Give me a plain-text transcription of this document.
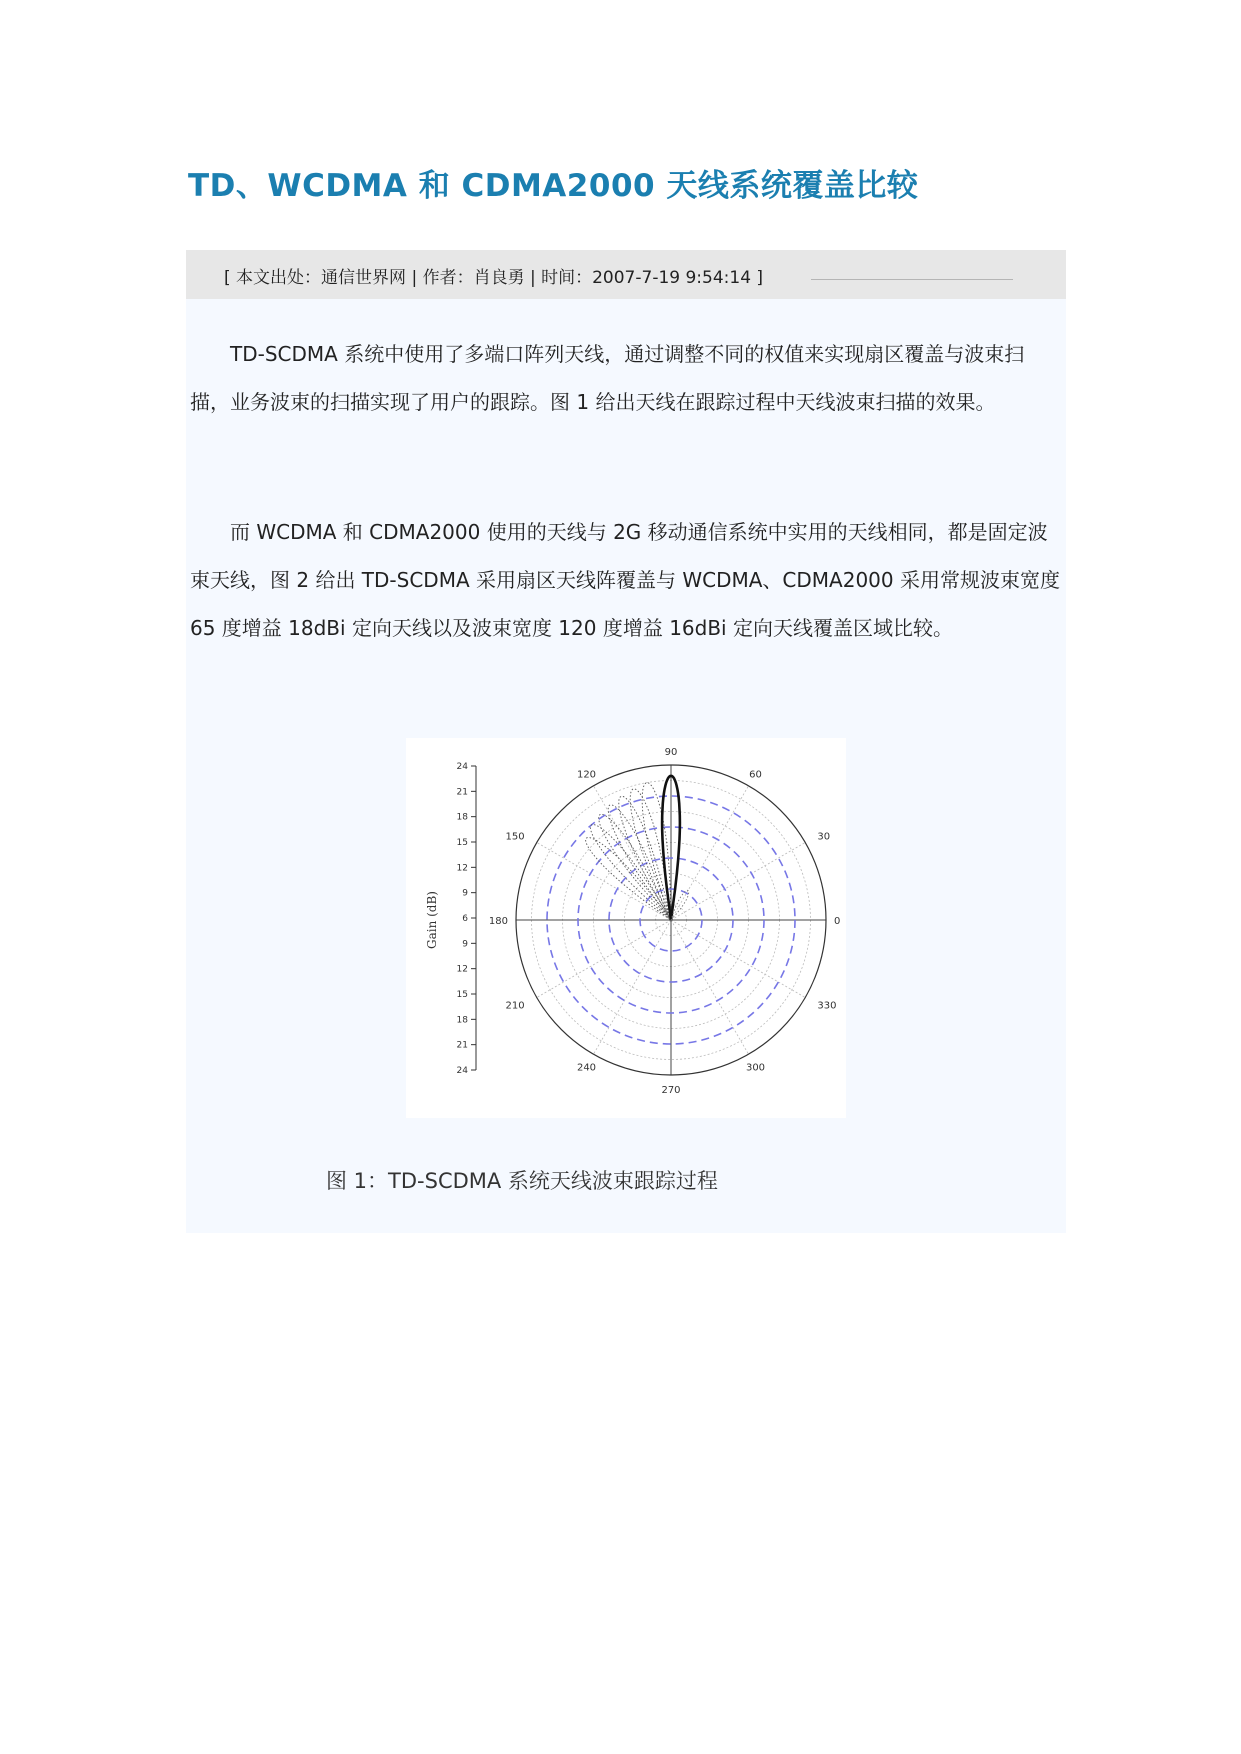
TD、WCDMA 和 CDMA2000 天线系统覆盖比较
[ 本文出处：通信世界网 | 作者：肖良勇 | 时间：2007-7-19 9:54:14 ]

TD-SCDMA 系统中使用了多端口阵列天线，通过调整不同的权值来实现扇区覆盖与波束扫描，业务波束的扫描实现了用户的跟踪。图 1 给出天线在跟踪过程中天线波束扫描的效果。

而 WCDMA 和 CDMA2000 使用的天线与 2G 移动通信系统中实用的天线相同，都是固定波束天线，图 2 给出 TD-SCDMA 采用扇区天线阵覆盖与 WCDMA、CDMA2000 采用常规波束宽度 65 度增益 18dBi 定向天线以及波束宽度 120 度增益 16dBi 定向天线覆盖区域比较。

24
21
18
15
12
9
6
9
12
15
18
21
24
Gain (dB)	0
30
60
90
120
150
180
210
240
270
300
330

图 1：TD-SCDMA 系统天线波束跟踪过程
